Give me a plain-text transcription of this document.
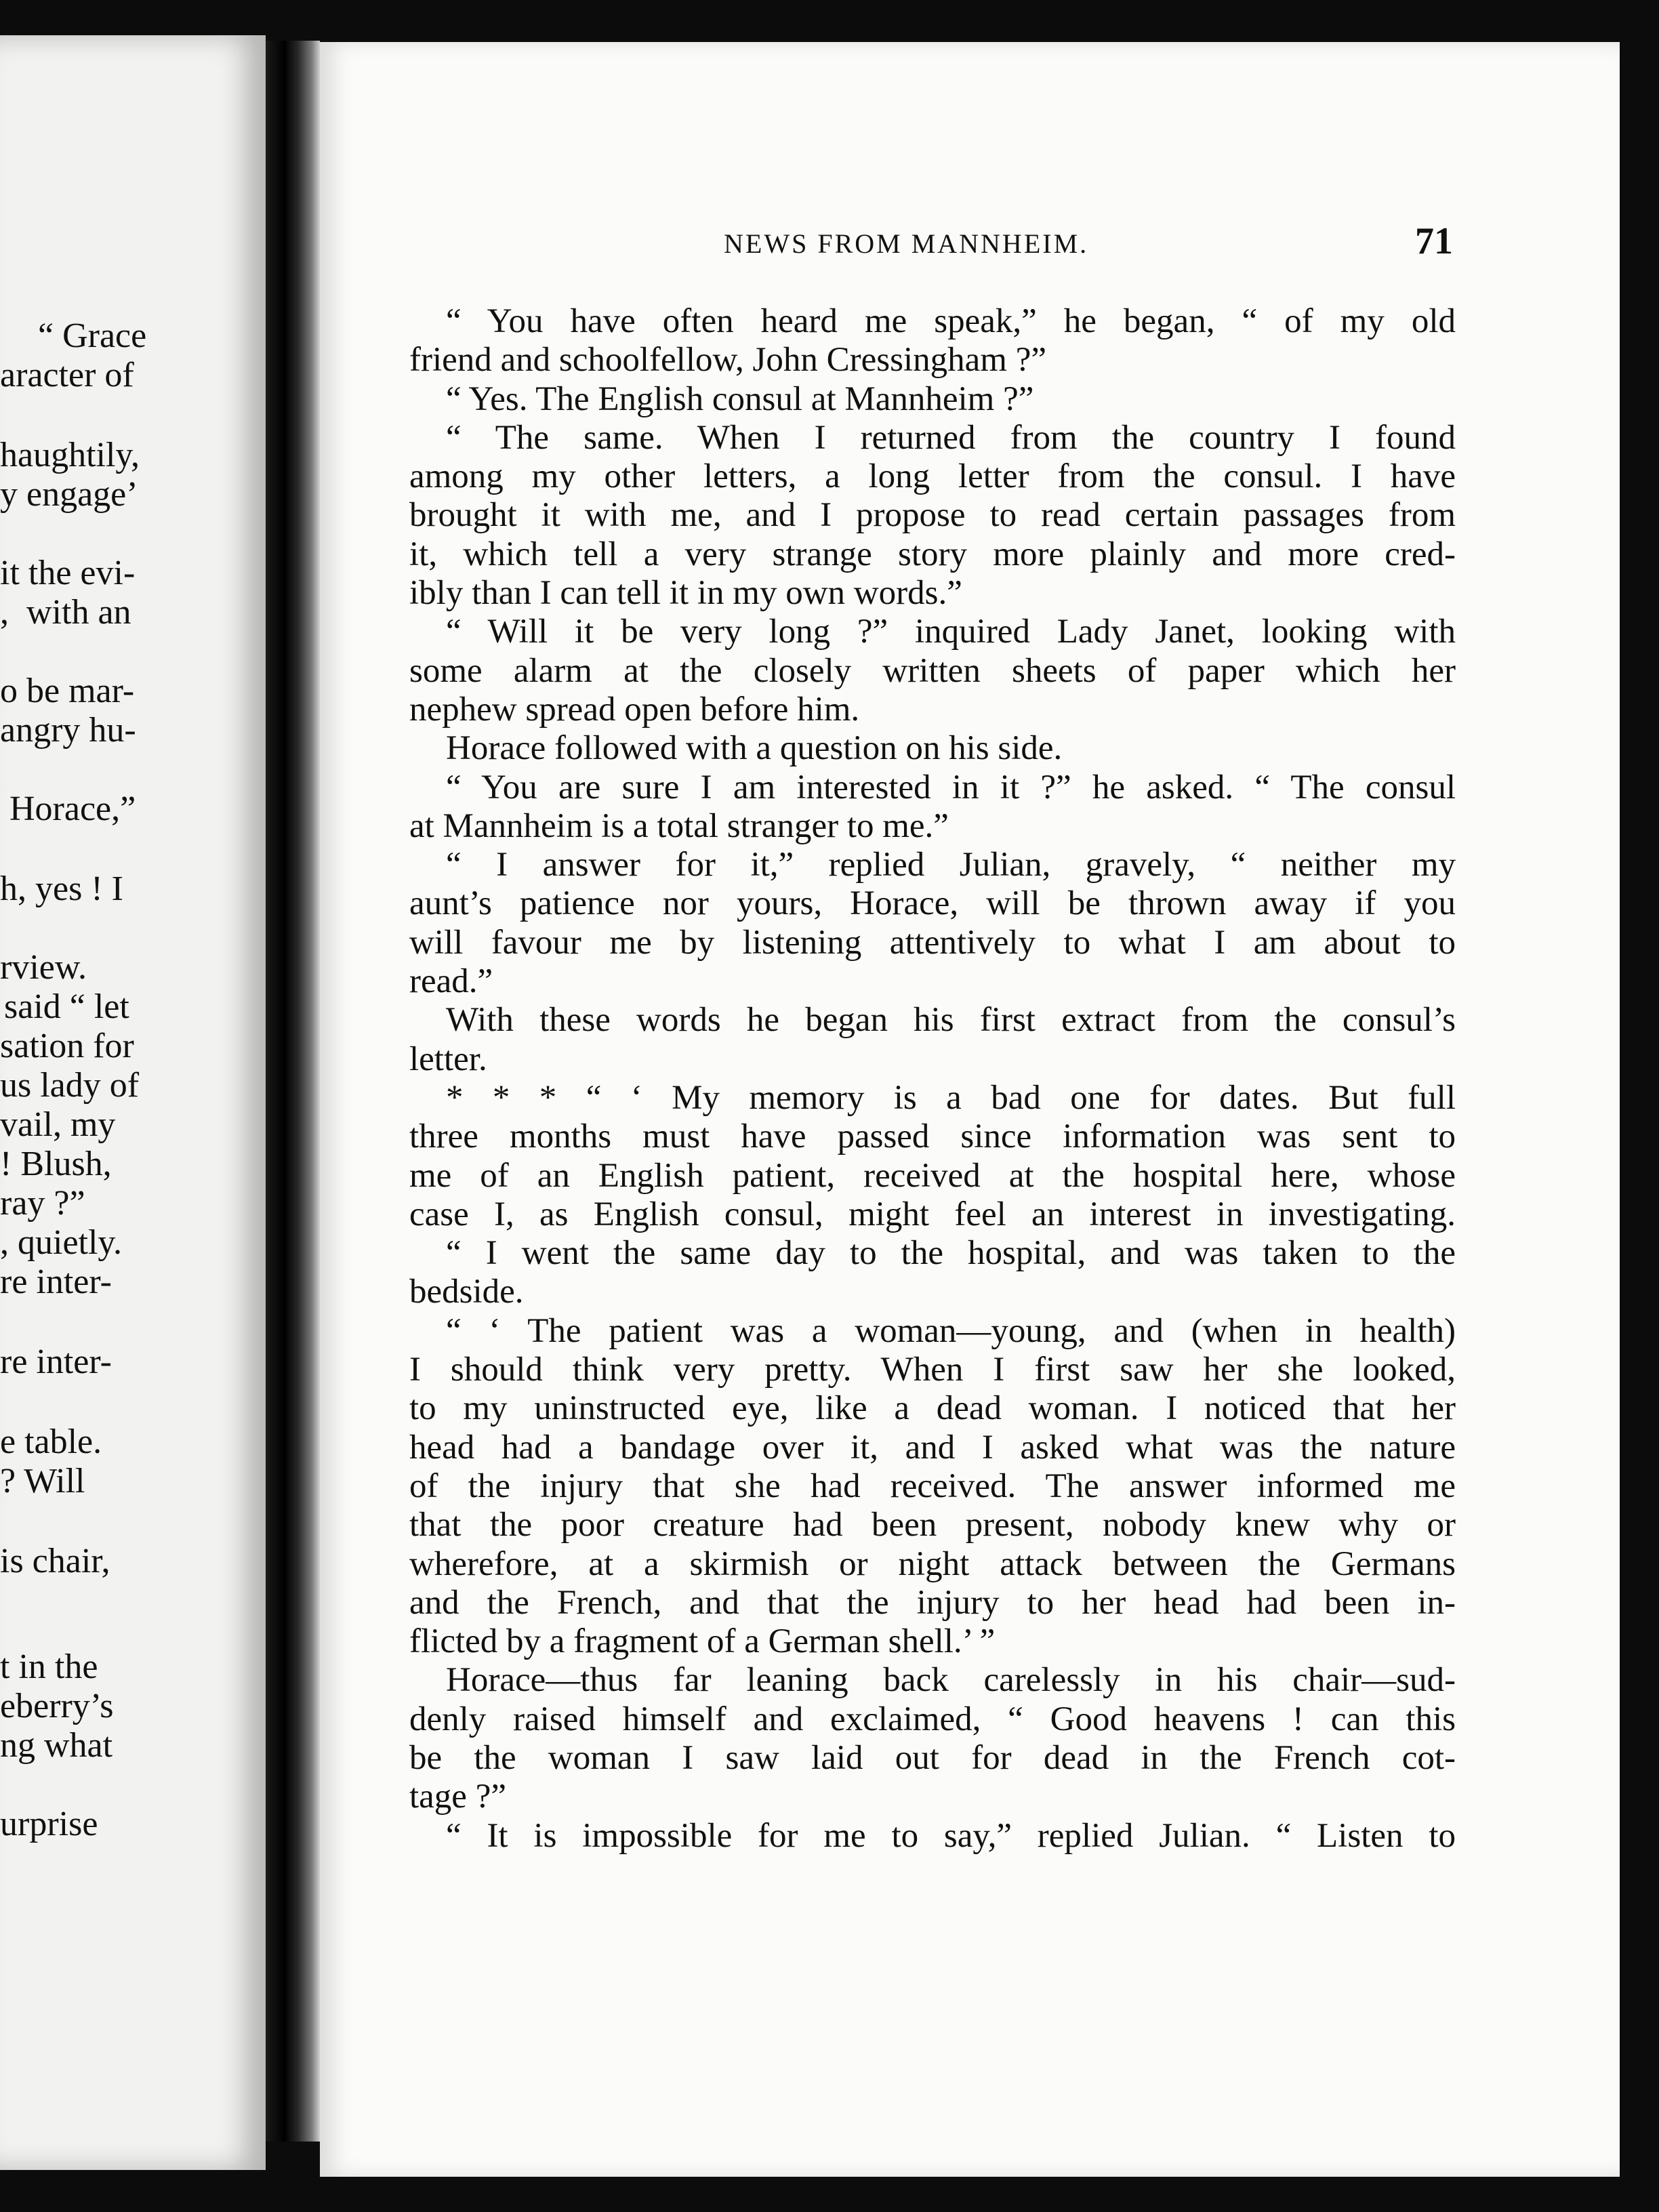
“ Grace
aracter of
haughtily,
y engage’
it the evi-
,  with an
o be mar-
angry hu-
Horace,”
h, yes ! I
rview.
said “ let
sation for
us lady of
vail, my
! Blush,
ray ?”
, quietly.
re inter-
re inter-
e table.
? Will
is chair,
t in the
eberry’s
ng what
urprise
NEWS FROM MANNHEIM.	71
“ You have often heard me speak,” he began, “ of my old
friend and schoolfellow, John Cressingham ?”
“ Yes. The English consul at Mannheim ?”
“ The same. When I returned from the country I found
among my other letters, a long letter from the consul. I have
brought it with me, and I propose to read certain passages from
it, which tell a very strange story more plainly and more cred-
ibly than I can tell it in my own words.”
“ Will it be very long ?” inquired Lady Janet, looking with
some alarm at the closely written sheets of paper which her
nephew spread open before him.
Horace followed with a question on his side.
“ You are sure I am interested in it ?” he asked. “ The consul
at Mannheim is a total stranger to me.”
“ I answer for it,” replied Julian, gravely, “ neither my
aunt’s patience nor yours, Horace, will be thrown away if you
will favour me by listening attentively to what I am about to
read.”
With these words he began his first extract from the consul’s
letter.
* * * “ ‘ My memory is a bad one for dates. But full
three months must have passed since information was sent to
me of an English patient, received at the hospital here, whose
case I, as English consul, might feel an interest in investigating.
“ I went the same day to the hospital, and was taken to the
bedside.
“ ‘ The patient was a woman—young, and (when in health)
I should think very pretty. When I first saw her she looked,
to my uninstructed eye, like a dead woman. I noticed that her
head had a bandage over it, and I asked what was the nature
of the injury that she had received. The answer informed me
that the poor creature had been present, nobody knew why or
wherefore, at a skirmish or night attack between the Germans
and the French, and that the injury to her head had been in-
flicted by a fragment of a German shell.’ ”
Horace—thus far leaning back carelessly in his chair—sud-
denly raised himself and exclaimed, “ Good heavens ! can this
be the woman I saw laid out for dead in the French cot-
tage ?”
“ It is impossible for me to say,” replied Julian. “ Listen to
